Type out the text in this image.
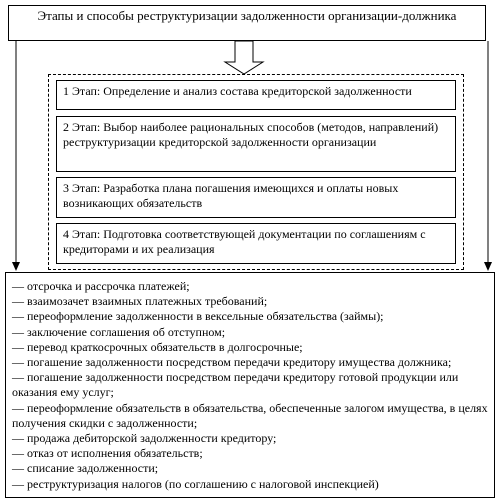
Этапы и способы реструктуризации задолженности организации-должника
1 Этап: Определение и анализ состава кредиторской задолженности
2 Этап: Выбор наиболее рациональных способов (методов, направлений) реструктуризации кредиторской задолженности организации
3 Этап: Разработка плана погашения имеющихся и оплаты новых возникающих обязательств
4 Этап: Подготовка соответствующей документации по соглашениям с кредиторами и их реализация
— отсрочка и рассрочка платежей;
— взаимозачет взаимных платежных требований;
— переоформление задолженности в вексельные обязательства (займы);
— заключение соглашения об отступном;
— перевод краткосрочных обязательств в долгосрочные;
— погашение задолженности посредством передачи кредитору имущества должника;
— погашение задолженности посредством передачи кредитору готовой продукции или оказания ему услуг;
— переоформление обязательств в обязательства, обеспеченные залогом имущества, в целях получения скидки с задолженности;
— продажа дебиторской задолженности кредитору;
— отказ от исполнения обязательств;
— списание задолженности;
— реструктуризация налогов (по соглашению с налоговой инспекцией)
